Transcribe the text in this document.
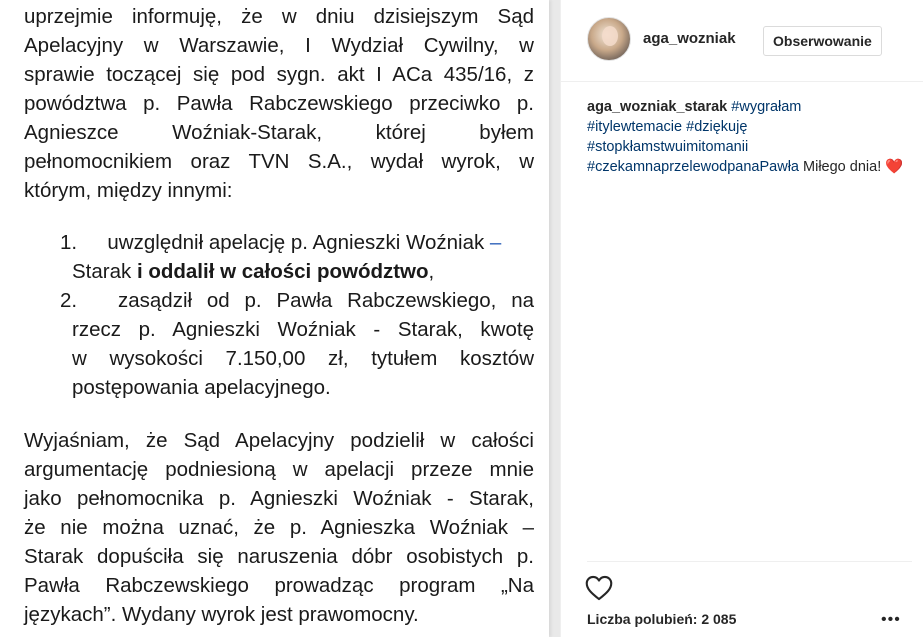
uprzejmie informuję, że w dniu dzisiejszym Sąd
Apelacyjny w Warszawie, I Wydział Cywilny, w
sprawie toczącej się pod sygn. akt I ACa 435/16, z
powództwa p. Pawła Rabczewskiego przeciwko p.
Agnieszce Woźniak-Starak, której byłem
pełnomocnikiem oraz TVN S.A., wydał wyrok, w
którym, między innymi:
1.	uwzględnił apelację p. Agnieszki Woźniak –
Starak i oddalił w całości powództwo,
2.	zasądził od p. Pawła Rabczewskiego, na
rzecz p. Agnieszki Woźniak - Starak, kwotę
w wysokości 7.150,00 zł, tytułem kosztów
postępowania apelacyjnego.
Wyjaśniam, że Sąd Apelacyjny podzielił w całości
argumentację podniesioną w apelacji przeze mnie
jako pełnomocnika p. Agnieszki Woźniak - Starak,
że nie można uznać, że p. Agnieszka Woźniak –
Starak dopuściła się naruszenia dóbr osobistych p.
Pawła Rabczewskiego prowadząc program „Na
językach”. Wydany wyrok jest prawomocny.
aga_wozniak	Obserwowanie
aga_wozniak_starak #wygrałam
#itylewtemacie #dziękuję
#stopkłamstwuimitomanii
#czekamnaprzelewodpanaPawła Miłego dnia! ❤️
Liczba polubień: 2 085	•••
